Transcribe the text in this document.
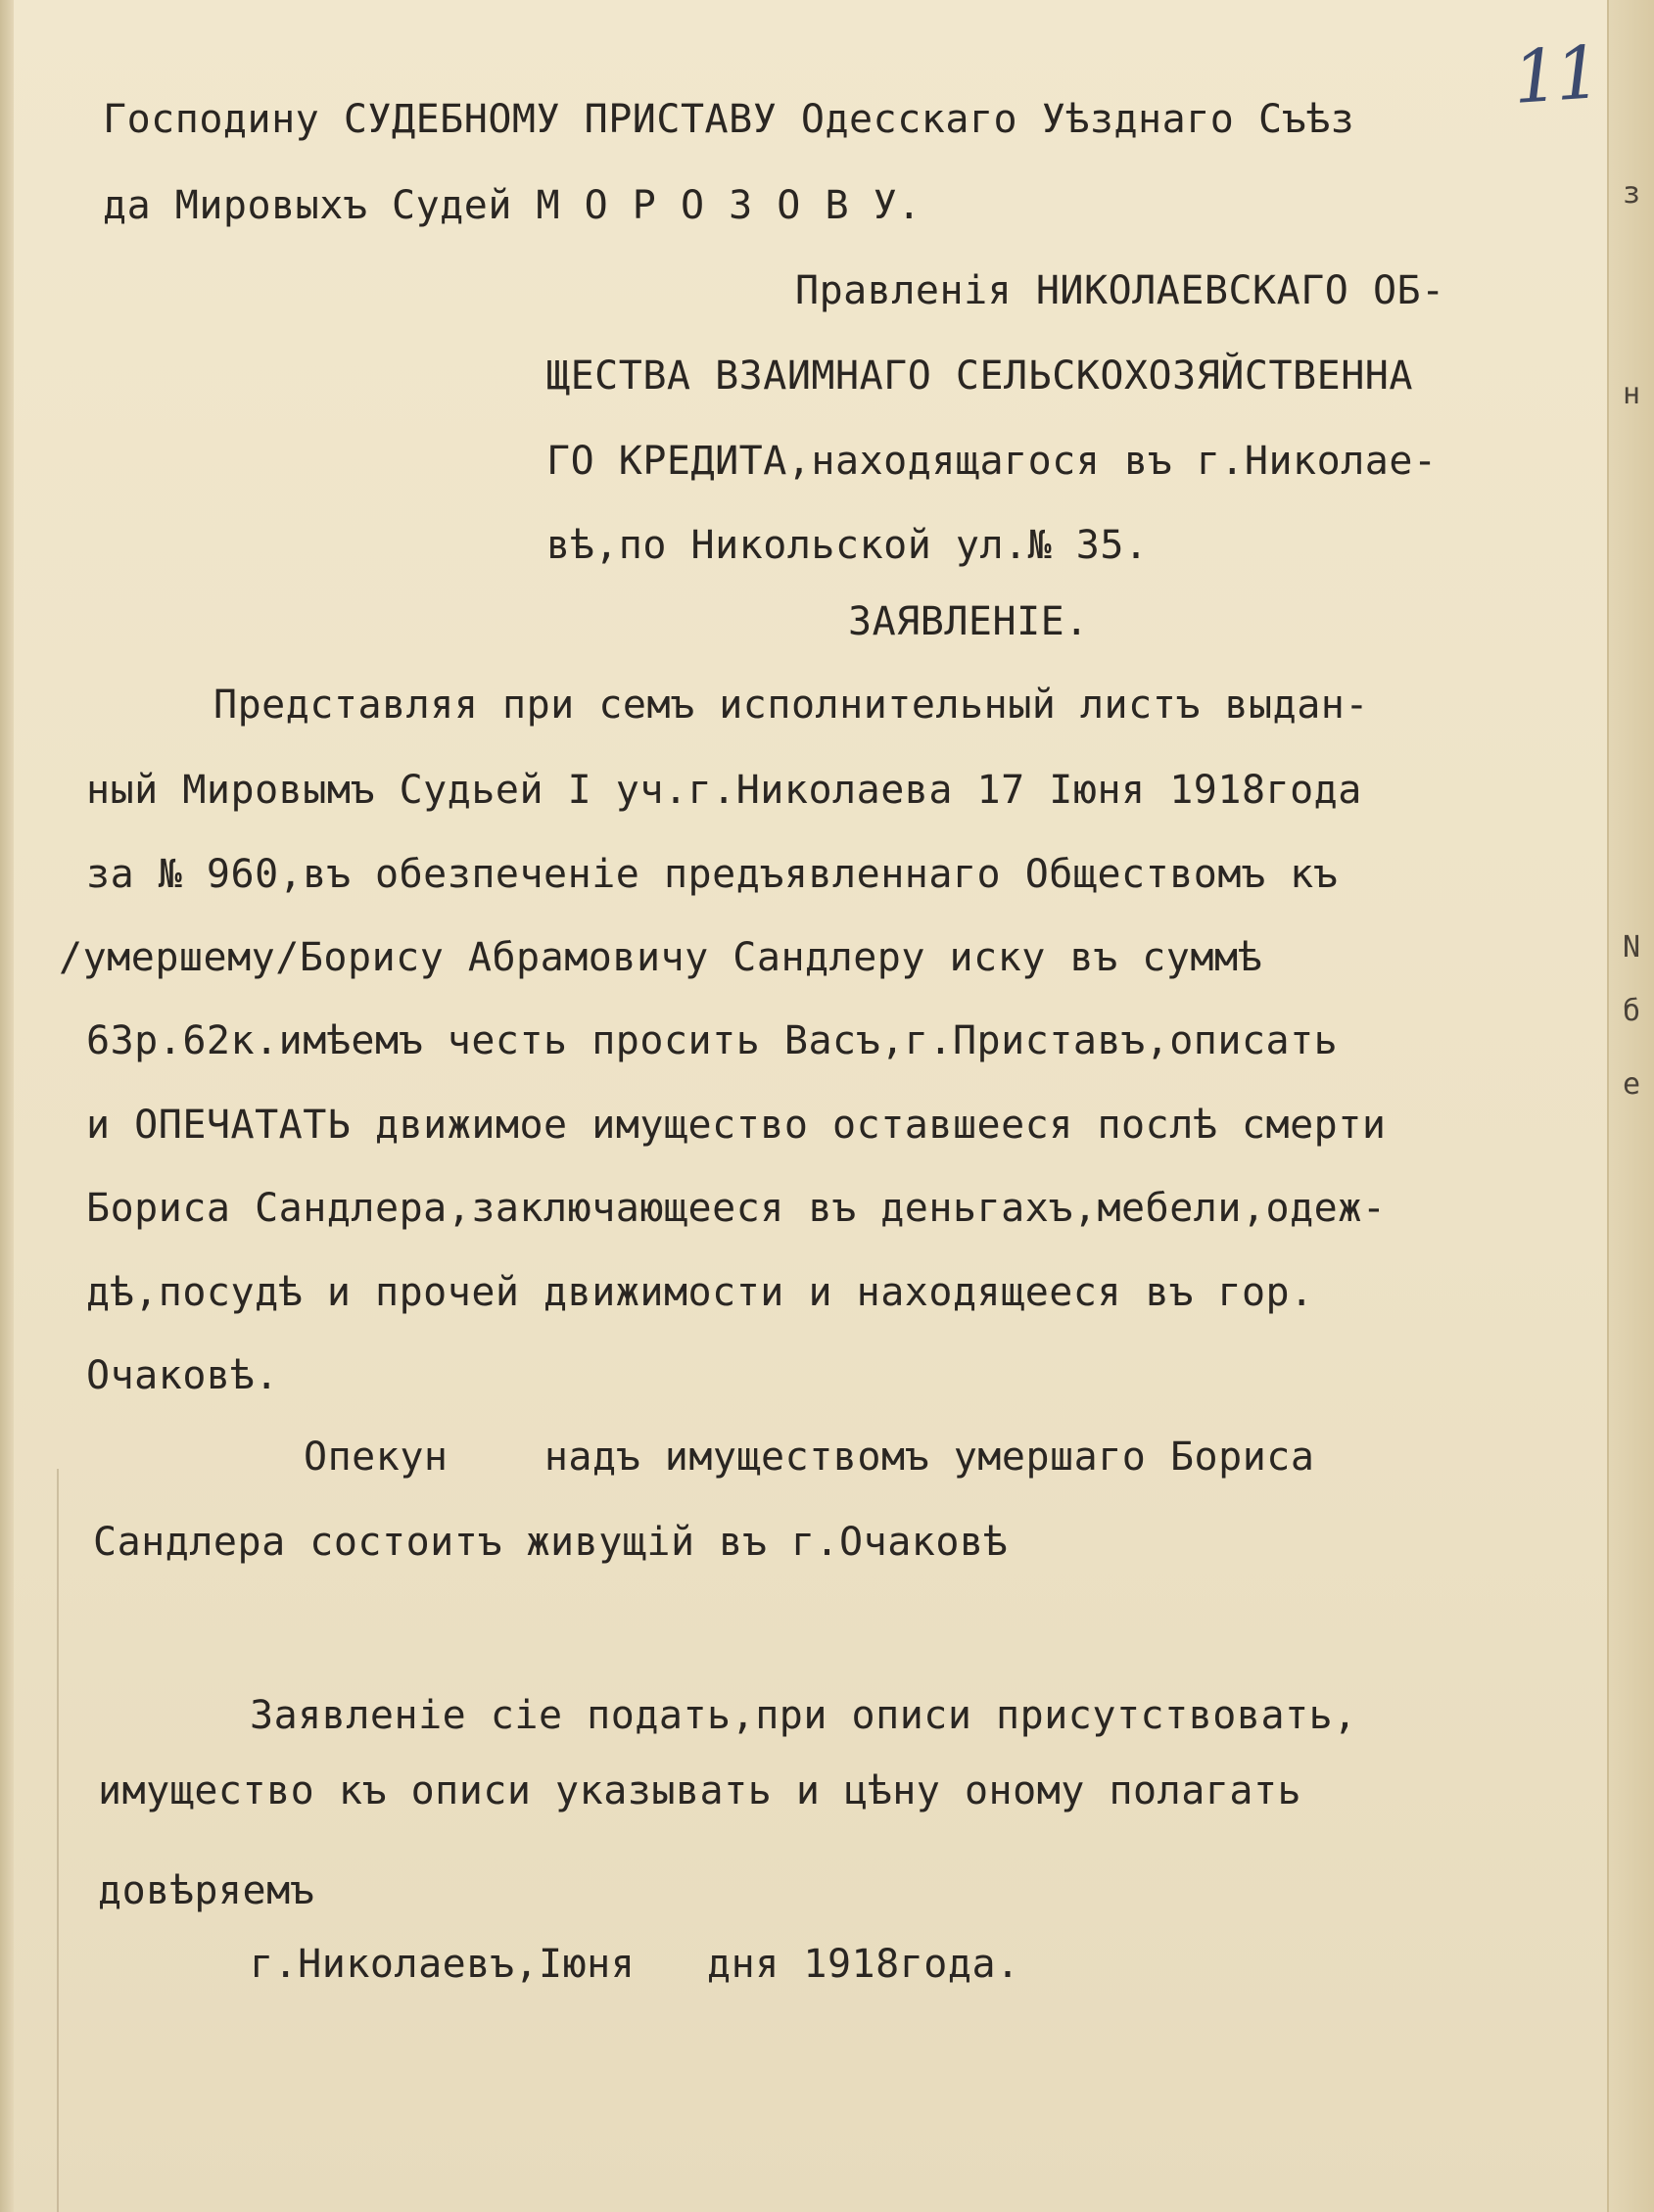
з
н
N
б
е
11
Господину СУДЕБНОМУ ПРИСТАВУ Одесскаго Уѣзднаго Съѣз
да Мировыхъ Судей М О Р О З О В У.
Правленія НИКОЛАЕВСКАГО ОБ-
ЩЕСТВА ВЗАИМНАГО СЕЛЬСКОХОЗЯЙСТВЕННА
ГО КРЕДИТА,находящагося въ г.Николае-
вѣ,по Никольской ул.№ 35.
ЗАЯВЛЕНІЕ.
Представляя при семъ исполнительный листъ выдан-
ный Мировымъ Судьей I уч.г.Николаева 17 Іюня 1918года
за № 960,въ обезпеченіе предъявленнаго Обществомъ къ
/умершему/Борису Абрамовичу Сандлеру иску въ суммѣ
63р.62к.имѣемъ честь просить Васъ,г.Приставъ,описать
и ОПЕЧАТАТЬ движимое имущество оставшееся послѣ смерти
Бориса Сандлера,заключающееся въ деньгахъ,мебели,одеж-
дѣ,посудѣ и прочей движимости и находящееся въ гор.
Очаковѣ.
Опекун    надъ имуществомъ умершаго Бориса
Сандлера состоитъ живущій въ г.Очаковѣ
Заявленіе сіе подать,при описи присутствовать,
имущество къ описи указывать и цѣну оному полагать
довѣряемъ
г.Николаевъ,Іюня   дня 1918года.
